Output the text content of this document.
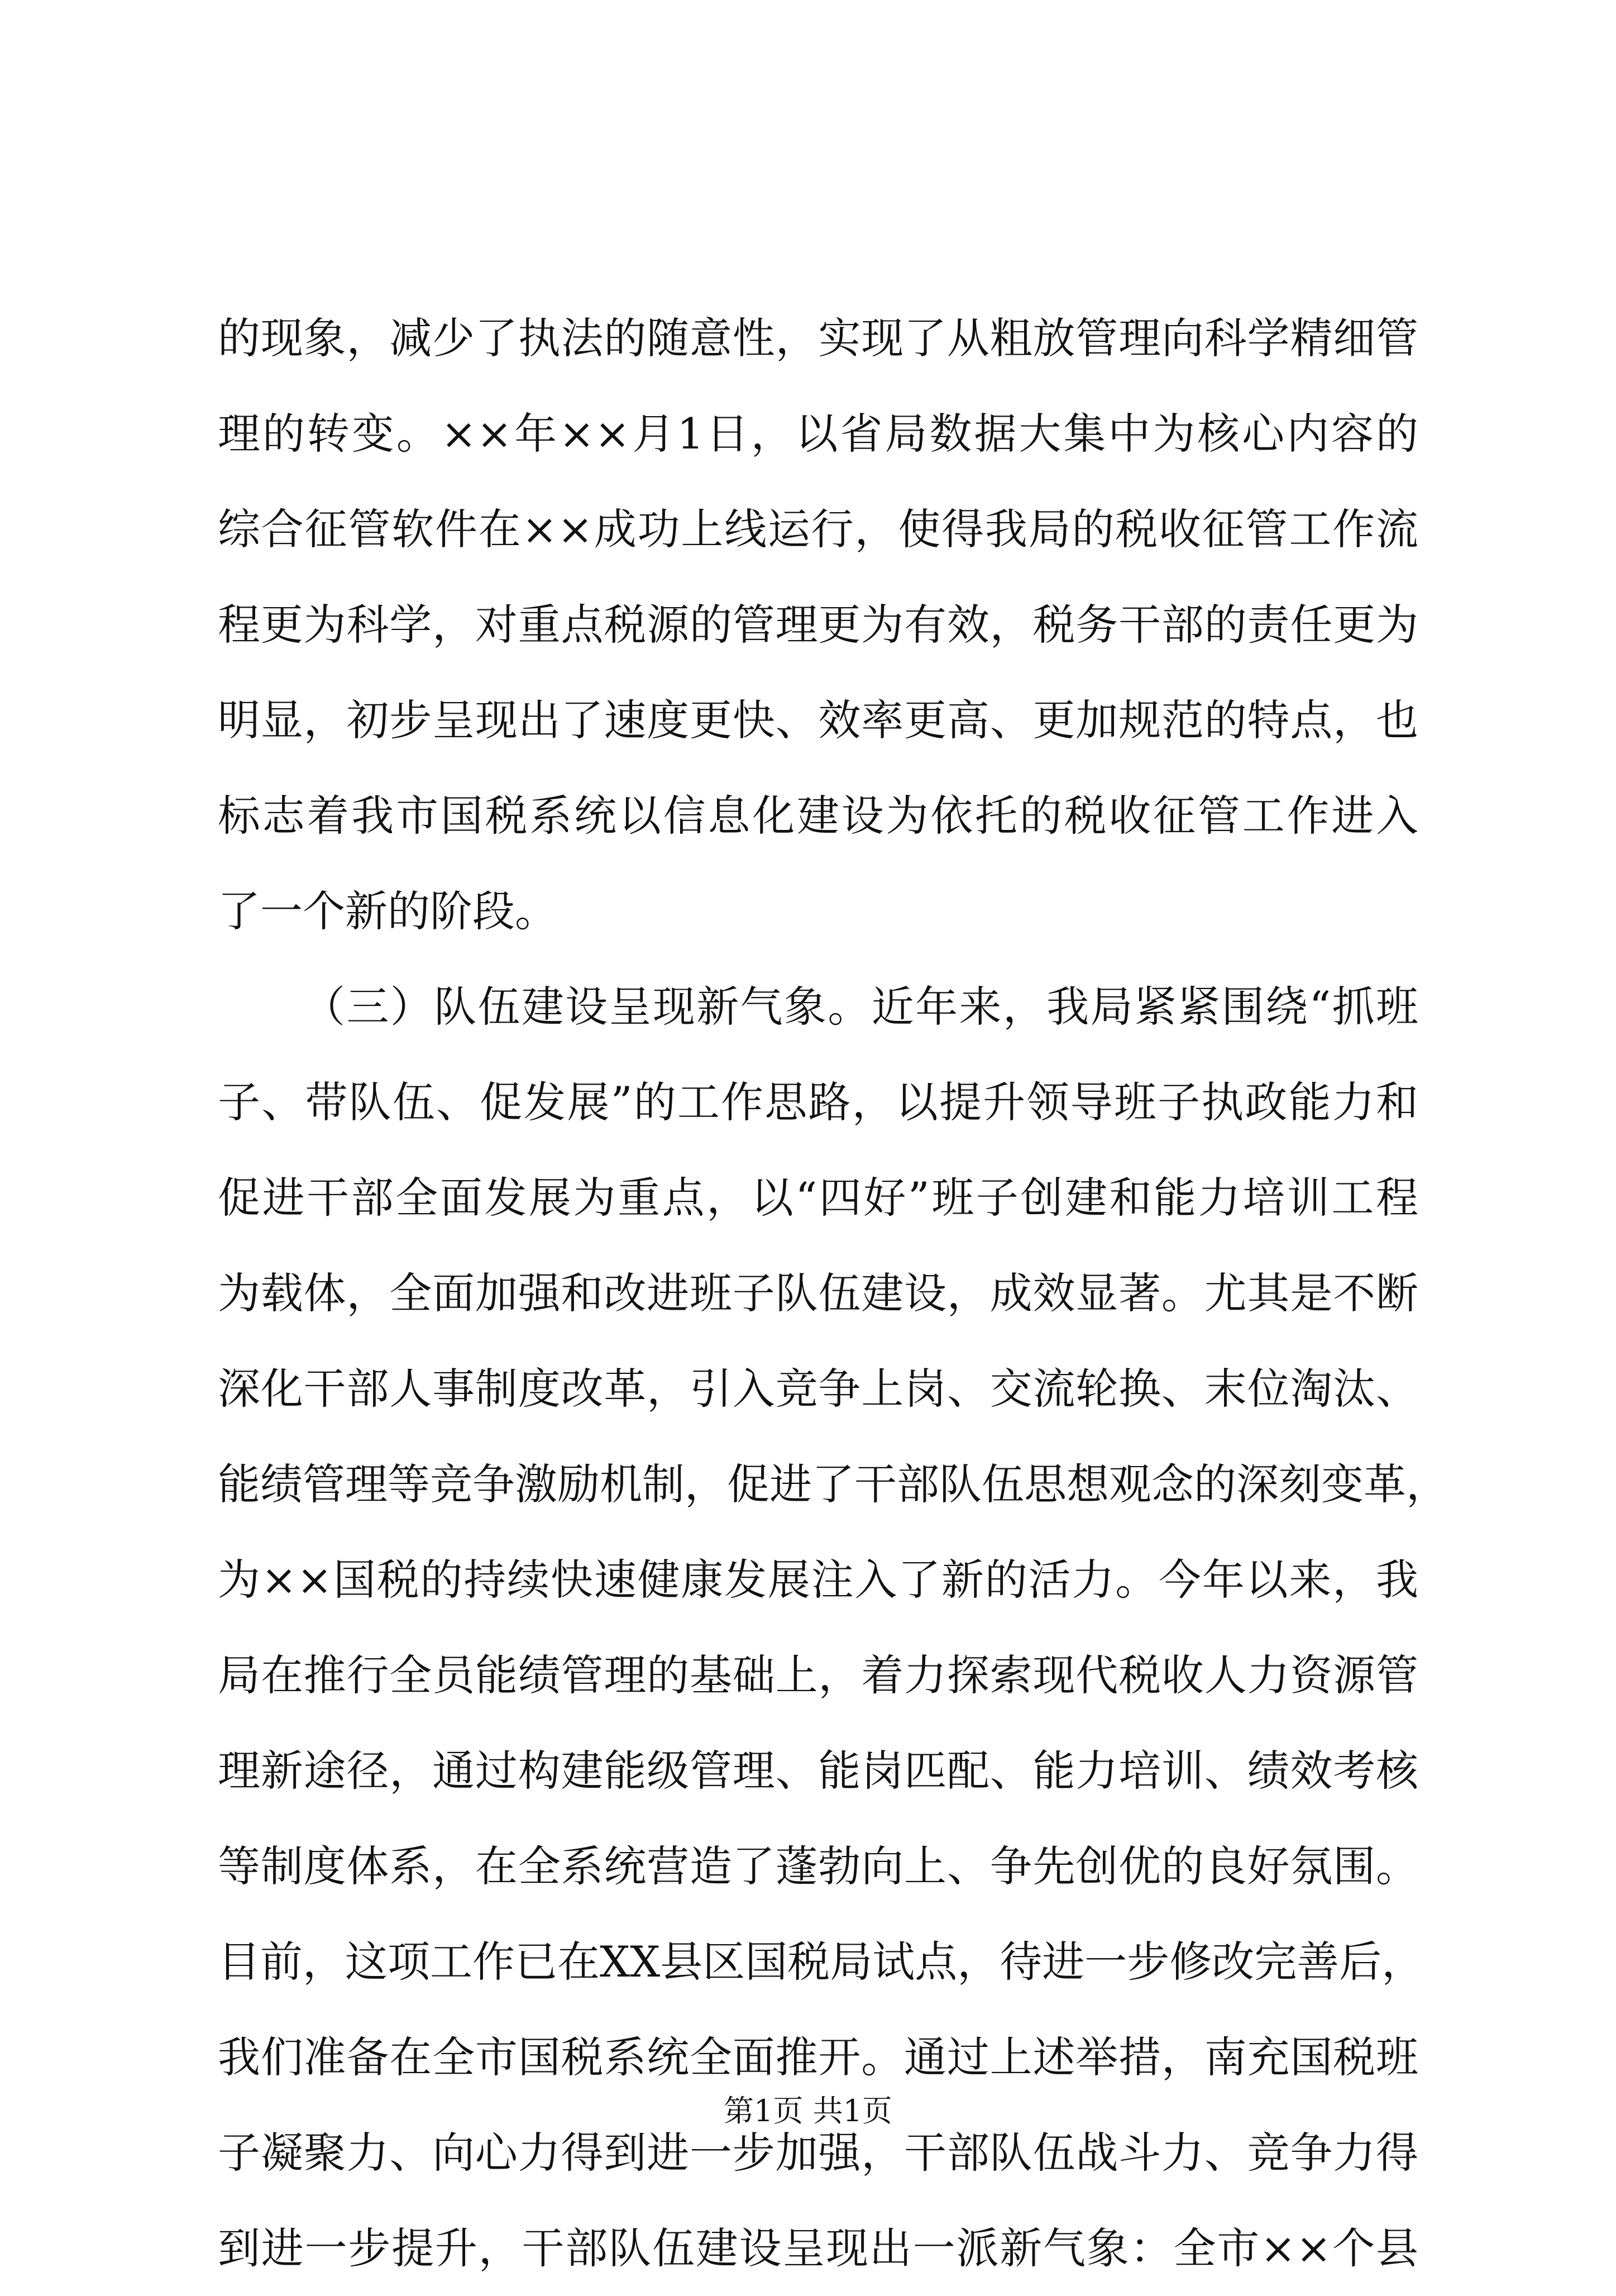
的现象，减少了执法的随意性，实现了从粗放管理向科学精细管
理的转变。××年××月1日，以省局数据大集中为核心内容的
综合征管软件在××成功上线运行，使得我局的税收征管工作流
程更为科学，对重点税源的管理更为有效，税务干部的责任更为
明显，初步呈现出了速度更快、效率更高、更加规范的特点，也
标志着我市国税系统以信息化建设为依托的税收征管工作进入
了一个新的阶段。
（三）队伍建设呈现新气象。近年来，我局紧紧围绕“抓班
子、带队伍、促发展”的工作思路，以提升领导班子执政能力和
促进干部全面发展为重点，以“四好”班子创建和能力培训工程
为载体，全面加强和改进班子队伍建设，成效显著。尤其是不断
深化干部人事制度改革，引入竞争上岗、交流轮换、末位淘汰、
能绩管理等竞争激励机制，促进了干部队伍思想观念的深刻变革，
为××国税的持续快速健康发展注入了新的活力。今年以来，我
局在推行全员能绩管理的基础上，着力探索现代税收人力资源管
理新途径，通过构建能级管理、能岗匹配、能力培训、绩效考核
等制度体系，在全系统营造了蓬勃向上、争先创优的良好氛围。
目前，这项工作已在XX县区国税局试点，待进一步修改完善后，
我们准备在全市国税系统全面推开。通过上述举措，南充国税班
子凝聚力、向心力得到进一步加强，干部队伍战斗力、竞争力得
到进一步提升，干部队伍建设呈现出一派新气象：全市××个县
第1页 共1页
